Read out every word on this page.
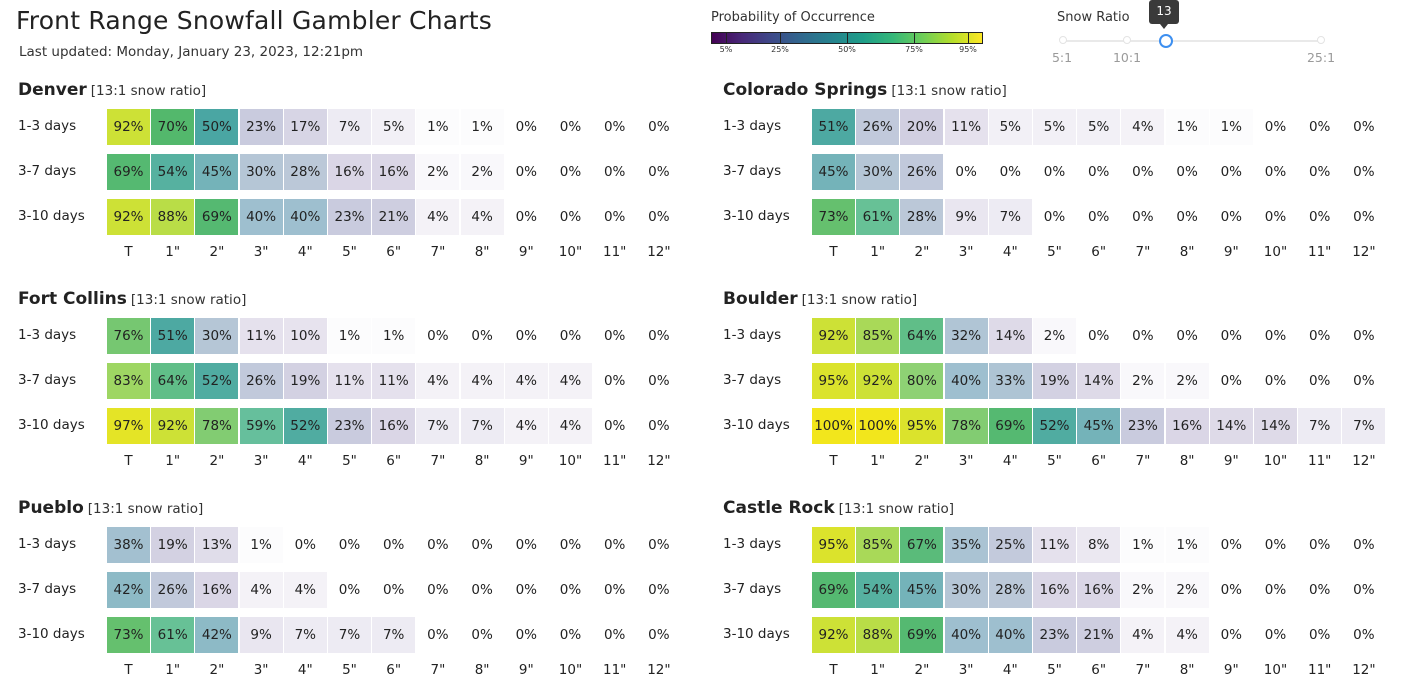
Front Range Snowfall Gambler Charts
Last updated: Monday, January 23, 2023, 12:21pm
Probability of Occurrence
5%	25%	50%	75%	95%
Snow Ratio	13
5:1	10:1	25:1
Denver [13:1 snow ratio]
1-3 days	92%	70%	50%	23%	17%	7%	5%	1%	1%	0%	0%	0%	0%
3-7 days	69%	54%	45%	30%	28%	16%	16%	2%	2%	0%	0%	0%	0%
3-10 days	92%	88%	69%	40%	40%	23%	21%	4%	4%	0%	0%	0%	0%
T	1"	2"	3"	4"	5"	6"	7"	8"	9"	10"	11"	12"
Colorado Springs [13:1 snow ratio]
1-3 days	51%	26%	20%	11%	5%	5%	5%	4%	1%	1%	0%	0%	0%
3-7 days	45%	30%	26%	0%	0%	0%	0%	0%	0%	0%	0%	0%	0%
3-10 days	73%	61%	28%	9%	7%	0%	0%	0%	0%	0%	0%	0%	0%
T	1"	2"	3"	4"	5"	6"	7"	8"	9"	10"	11"	12"
Fort Collins [13:1 snow ratio]
1-3 days	76%	51%	30%	11%	10%	1%	1%	0%	0%	0%	0%	0%	0%
3-7 days	83%	64%	52%	26%	19%	11%	11%	4%	4%	4%	4%	0%	0%
3-10 days	97%	92%	78%	59%	52%	23%	16%	7%	7%	4%	4%	0%	0%
T	1"	2"	3"	4"	5"	6"	7"	8"	9"	10"	11"	12"
Boulder [13:1 snow ratio]
1-3 days	92%	85%	64%	32%	14%	2%	0%	0%	0%	0%	0%	0%	0%
3-7 days	95%	92%	80%	40%	33%	19%	14%	2%	2%	0%	0%	0%	0%
3-10 days 100% 100% 95%	78%	69%	52%	45%	23%	16%	14%	14%	7%	7%
T	1"	2"	3"	4"	5"	6"	7"	8"	9"	10"	11"	12"
Pueblo [13:1 snow ratio]
1-3 days	38%	19%	13%	1%	0%	0%	0%	0%	0%	0%	0%	0%	0%
3-7 days	42%	26%	16%	4%	4%	0%	0%	0%	0%	0%	0%	0%	0%
3-10 days	73%	61%	42%	9%	7%	7%	7%	0%	0%	0%	0%	0%	0%
T	1"	2"	3"	4"	5"	6"	7"	8"	9"	10"	11"	12"
Castle Rock [13:1 snow ratio]
1-3 days	95%	85%	67%	35%	25%	11%	8%	1%	1%	0%	0%	0%	0%
3-7 days	69%	54%	45%	30%	28%	16%	16%	2%	2%	0%	0%	0%	0%
3-10 days	92%	88%	69%	40%	40%	23%	21%	4%	4%	0%	0%	0%	0%
T	1"	2"	3"	4"	5"	6"	7"	8"	9"	10"	11"	12"
